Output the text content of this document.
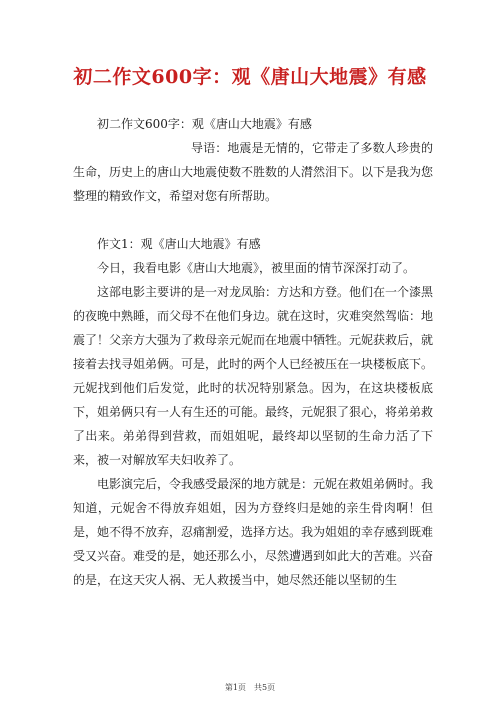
初二作文600字：观《唐山大地震》有感

初二作文600字：观《唐山大地震》有感

导语：地震是无情的，它带走了多数人珍贵的生命，历史上的唐山大地震使数不胜数的人潸然泪下。以下是我为您整理的精致作文，希望对您有所帮助。

作文1：观《唐山大地震》有感

今日，我看电影《唐山大地震》，被里面的情节深深打动了。

这部电影主要讲的是一对龙凤胎：方达和方登。他们在一个漆黑的夜晚中熟睡，而父母不在他们身边。就在这时，灾难突然驾临：地震了！父亲方大强为了救母亲元妮而在地震中牺牲。元妮获救后，就接着去找寻姐弟俩。可是，此时的两个人已经被压在一块楼板底下。元妮找到他们后发觉，此时的状况特别紧急。因为，在这块楼板底下，姐弟俩只有一人有生还的可能。最终，元妮狠了狠心，将弟弟救了出来。弟弟得到营救，而姐姐呢，最终却以坚韧的生命力活了下来，被一对解放军夫妇收养了。

电影演完后，令我感受最深的地方就是：元妮在救姐弟俩时。我知道，元妮舍不得放弃姐姐，因为方登终归是她的亲生骨肉啊！但是，她不得不放弃，忍痛割爱，选择方达。我为姐姐的幸存感到既难受又兴奋。难受的是，她还那么小，尽然遭遇到如此大的苦难。兴奋的是，在这天灾人祸、无人救援当中，她尽然还能以坚韧的生

第1页　共5页
